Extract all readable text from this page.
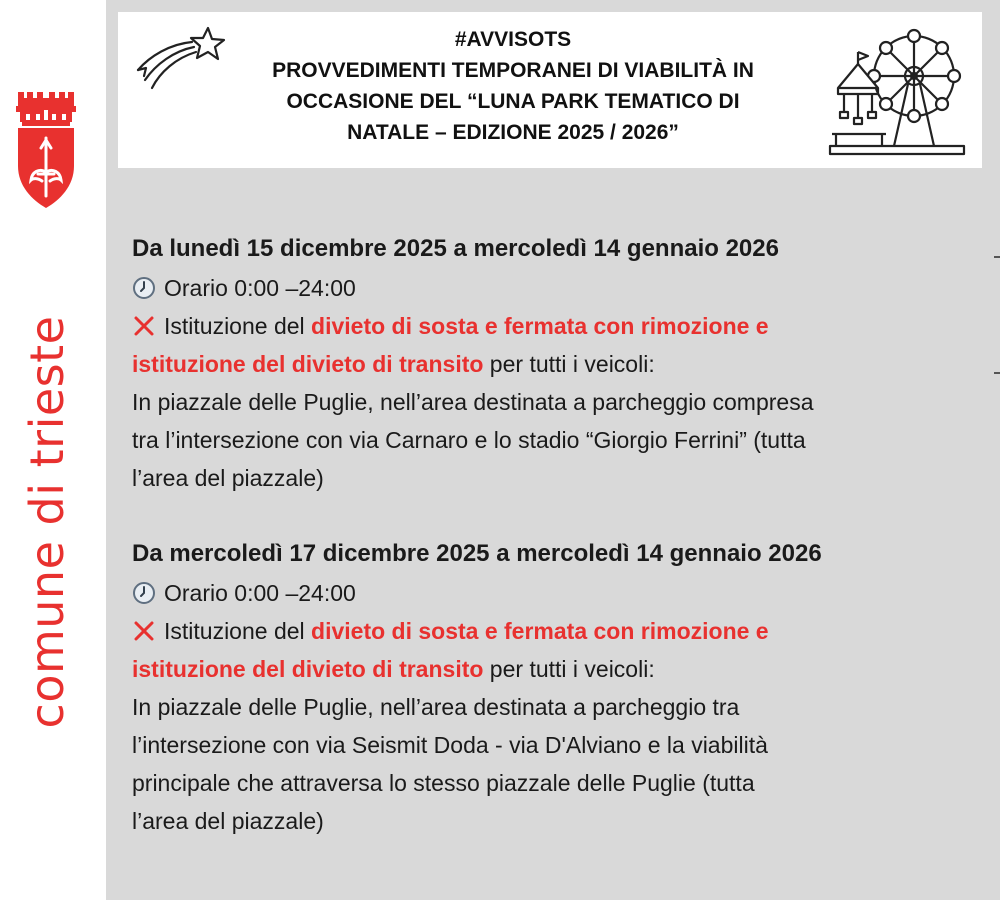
comune di trieste
#AVVISOTS
PROVVEDIMENTI TEMPORANEI DI VIABILITÀ IN
OCCASIONE DEL “LUNA PARK TEMATICO DI
NATALE – EDIZIONE 2025 / 2026”
Da lunedì 15 dicembre 2025 a mercoledì 14 gennaio 2026
Orario 0:00 –24:00
Istituzione del divieto di sosta e fermata con rimozione e
istituzione del divieto di transito per tutti i veicoli:
In piazzale delle Puglie, nell’area destinata a parcheggio compresa
tra l’intersezione con via Carnaro e lo stadio “Giorgio Ferrini” (tutta
l’area del piazzale)
Da mercoledì 17 dicembre 2025 a mercoledì 14 gennaio 2026
Orario 0:00 –24:00
Istituzione del divieto di sosta e fermata con rimozione e
istituzione del divieto di transito per tutti i veicoli:
In piazzale delle Puglie, nell’area destinata a parcheggio tra
l’intersezione con via Seismit Doda - via D'Alviano e la viabilità
principale che attraversa lo stesso piazzale delle Puglie (tutta
l’area del piazzale)
